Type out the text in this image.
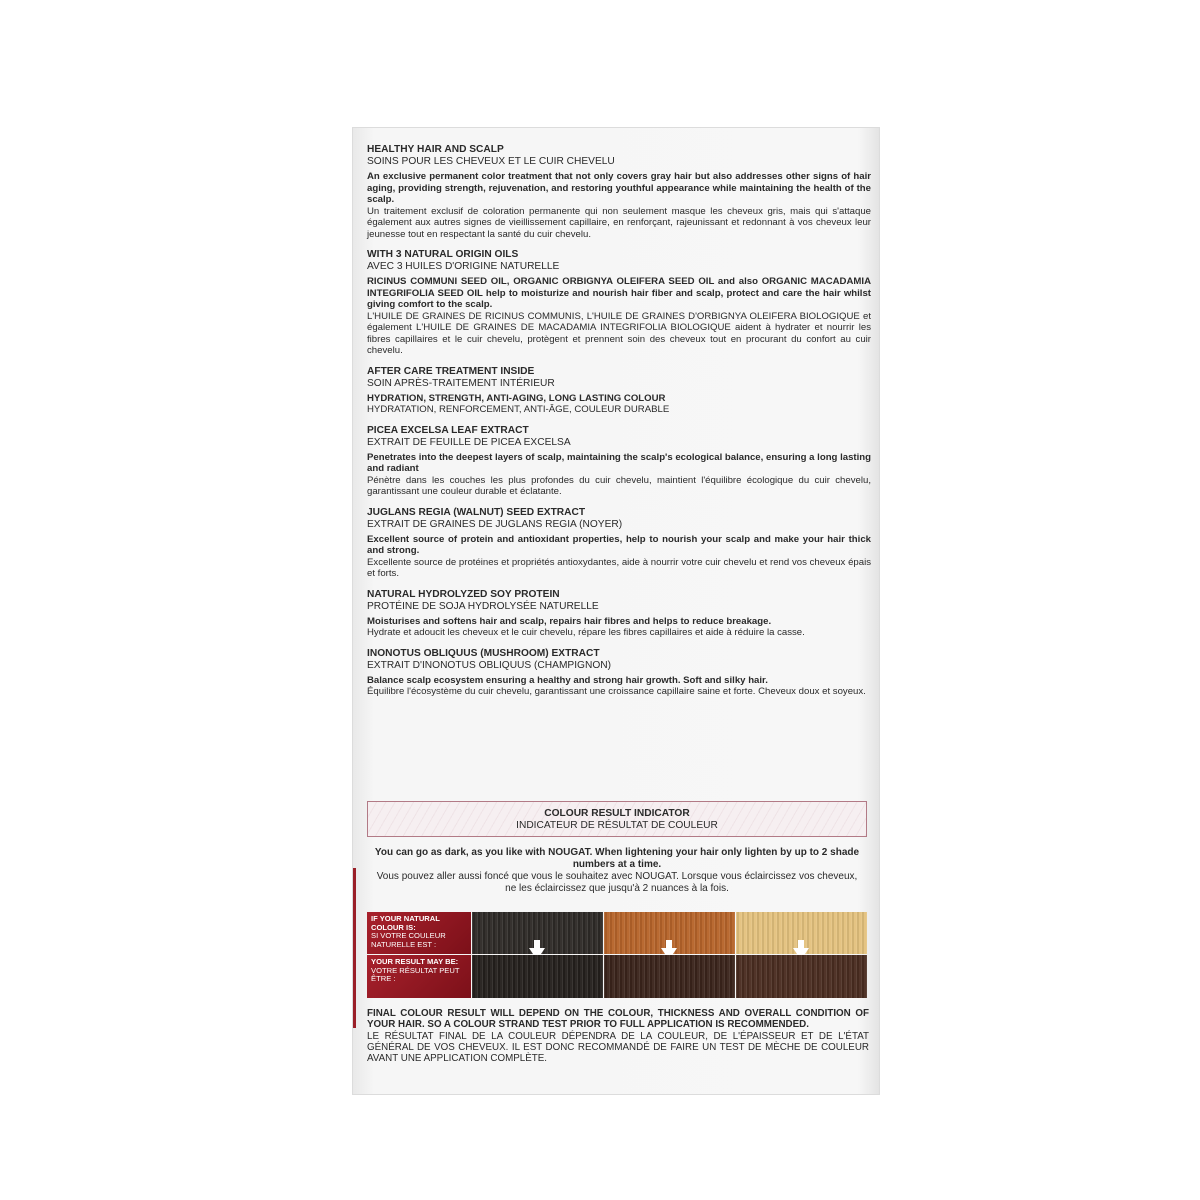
HEALTHY HAIR AND SCALP
SOINS POUR LES CHEVEUX ET LE CUIR CHEVELU
An exclusive permanent color treatment that not only covers gray hair but also addresses other signs of hair aging, providing strength, rejuvenation, and restoring youthful appearance while maintaining the health of the scalp.
Un traitement exclusif de coloration permanente qui non seulement masque les cheveux gris, mais qui s'attaque également aux autres signes de vieillissement capillaire, en renforçant, rajeunissant et redonnant à vos cheveux leur jeunesse tout en respectant la santé du cuir chevelu.
WITH 3 NATURAL ORIGIN OILS
AVEC 3 HUILES D'ORIGINE NATURELLE
RICINUS COMMUNI SEED OIL, ORGANIC ORBIGNYA OLEIFERA SEED OIL and also ORGANIC MACADAMIA INTEGRIFOLIA SEED OIL help to moisturize and nourish hair fiber and scalp, protect and care the hair whilst giving comfort to the scalp.
L'HUILE DE GRAINES DE RICINUS COMMUNIS, L'HUILE DE GRAINES D'ORBIGNYA OLEIFERA BIOLOGIQUE et également L'HUILE DE GRAINES DE MACADAMIA INTEGRIFOLIA BIOLOGIQUE aident à hydrater et nourrir les fibres capillaires et le cuir chevelu, protègent et prennent soin des cheveux tout en procurant du confort au cuir chevelu.
AFTER CARE TREATMENT INSIDE
SOIN APRÈS-TRAITEMENT INTÉRIEUR
HYDRATION, STRENGTH, ANTI-AGING, LONG LASTING COLOUR
HYDRATATION, RENFORCEMENT, ANTI-ÂGE, COULEUR DURABLE
PICEA EXCELSA LEAF EXTRACT
EXTRAIT DE FEUILLE DE PICEA EXCELSA
Penetrates into the deepest layers of scalp, maintaining the scalp's ecological balance, ensuring a long lasting and radiant
Pénètre dans les couches les plus profondes du cuir chevelu, maintient l'équilibre écologique du cuir chevelu, garantissant une couleur durable et éclatante.
JUGLANS REGIA (WALNUT) SEED EXTRACT
EXTRAIT DE GRAINES DE JUGLANS REGIA (NOYER)
Excellent source of protein and antioxidant properties, help to nourish your scalp and make your hair thick and strong.
Excellente source de protéines et propriétés antioxydantes, aide à nourrir votre cuir chevelu et rend vos cheveux épais et forts.
NATURAL HYDROLYZED SOY PROTEIN
PROTÉINE DE SOJA HYDROLYSÉE NATURELLE
Moisturises and softens hair and scalp, repairs hair fibres and helps to reduce breakage.
Hydrate et adoucit les cheveux et le cuir chevelu, répare les fibres capillaires et aide à réduire la casse.
INONOTUS OBLIQUUS (MUSHROOM) EXTRACT
EXTRAIT D'INONOTUS OBLIQUUS (CHAMPIGNON)
Balance scalp ecosystem ensuring a healthy and strong hair growth. Soft and silky hair.
Équilibre l'écosystème du cuir chevelu, garantissant une croissance capillaire saine et forte. Cheveux doux et soyeux.
COLOUR RESULT INDICATOR
INDICATEUR DE RÉSULTAT DE COULEUR
You can go as dark, as you like with NOUGAT. When lightening your hair only lighten by up to 2 shade numbers at a time.
Vous pouvez aller aussi foncé que vous le souhaitez avec NOUGAT. Lorsque vous éclaircissez vos cheveux, ne les éclaircissez que jusqu'à 2 nuances à la fois.
IF YOUR NATURAL COLOUR IS:
SI VOTRE COULEUR NATURELLE EST :
YOUR RESULT MAY BE:
VOTRE RÉSULTAT PEUT ÊTRE :
FINAL COLOUR RESULT WILL DEPEND ON THE COLOUR, THICKNESS AND OVERALL CONDITION OF YOUR HAIR. SO A COLOUR STRAND TEST PRIOR TO FULL APPLICATION IS RECOMMENDED.
LE RÉSULTAT FINAL DE LA COULEUR DÉPENDRA DE LA COULEUR, DE L'ÉPAISSEUR ET DE L'ÉTAT GÉNÉRAL DE VOS CHEVEUX. IL EST DONC RECOMMANDÉ DE FAIRE UN TEST DE MÈCHE DE COULEUR AVANT UNE APPLICATION COMPLÈTE.
